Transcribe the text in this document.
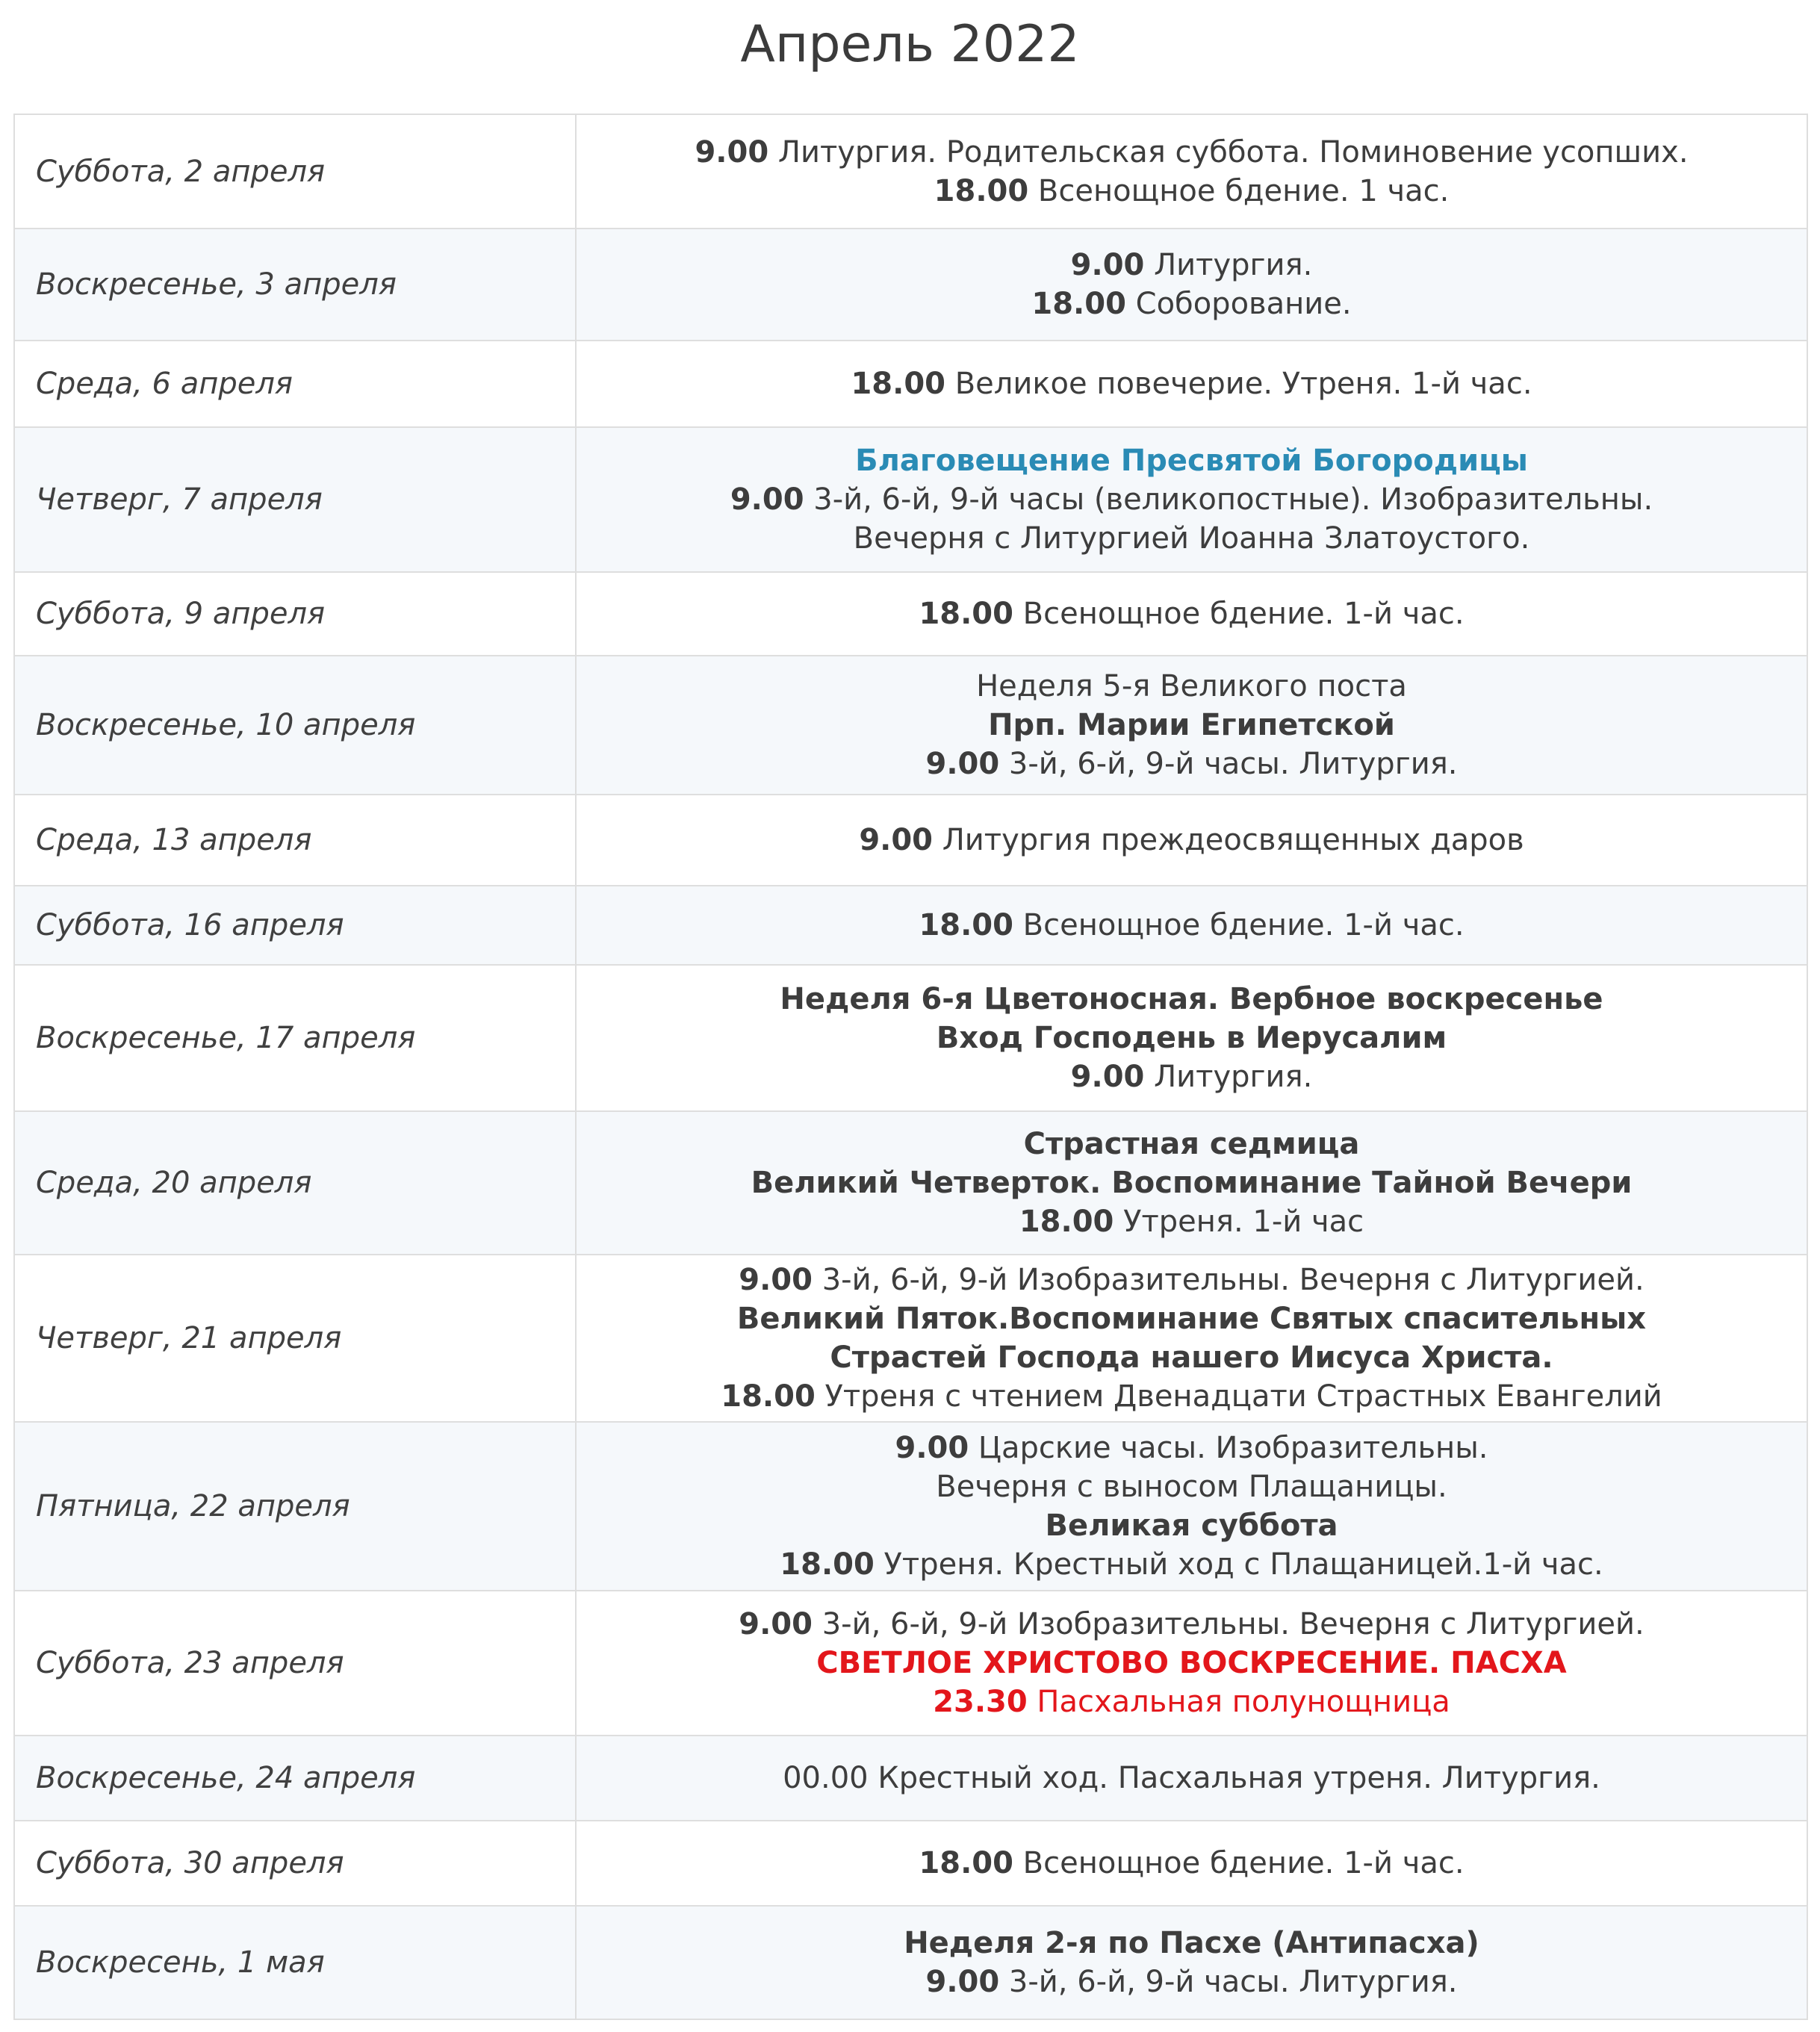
Апрель 2022
Суббота, 2 апреля	9.00 Литургия. Родительская суббота. Поминовение усопших.
18.00 Всенощное бдение. 1 час.

Воскресенье, 3 апреля	9.00 Литургия.
18.00 Соборование.

Среда, 6 апреля	18.00 Великое повечерие. Утреня. 1-й час.

Четверг, 7 апреля	Благовещение Пресвятой Богородицы
9.00 3-й, 6-й, 9-й часы (великопостные). Изобразительны.
Вечерня с Литургией Иоанна Златоустого.

Суббота, 9 апреля	18.00 Всенощное бдение. 1-й час.

Воскресенье, 10 апреля	Неделя 5-я Великого поста
Прп. Марии Египетской
9.00 3-й, 6-й, 9-й часы. Литургия.

Среда, 13 апреля	9.00 Литургия преждеосвященных даров

Суббота, 16 апреля	18.00 Всенощное бдение. 1-й час.

Воскресенье, 17 апреля	Неделя 6-я Цветоносная. Вербное воскресенье
Вход Господень в Иерусалим
9.00 Литургия.

Среда, 20 апреля	Страстная седмица
Великий Четверток. Воспоминание Тайной Вечери
18.00 Утреня. 1-й час

Четверг, 21 апреля	9.00 3-й, 6-й, 9-й Изобразительны. Вечерня с Литургией.
Великий Пяток.Воспоминание Святых спасительных
Страстей Господа нашего Иисуса Христа.
18.00 Утреня с чтением Двенадцати Страстных Евангелий

Пятница, 22 апреля	9.00 Царские часы. Изобразительны.
Вечерня с выносом Плащаницы.
Великая суббота
18.00 Утреня. Крестный ход с Плащаницей.1-й час.

Суббота, 23 апреля	9.00 3-й, 6-й, 9-й Изобразительны. Вечерня с Литургией.
СВЕТЛОЕ ХРИСТОВО ВОСКРЕСЕНИЕ. ПАСХА
23.30 Пасхальная полунощница

Воскресенье, 24 апреля	00.00 Крестный ход. Пасхальная утреня. Литургия.

Суббота, 30 апреля	18.00 Всенощное бдение. 1-й час.

Воскресень, 1 мая	Неделя 2-я по Пасхе (Антипасха)
9.00 3-й, 6-й, 9-й часы. Литургия.
